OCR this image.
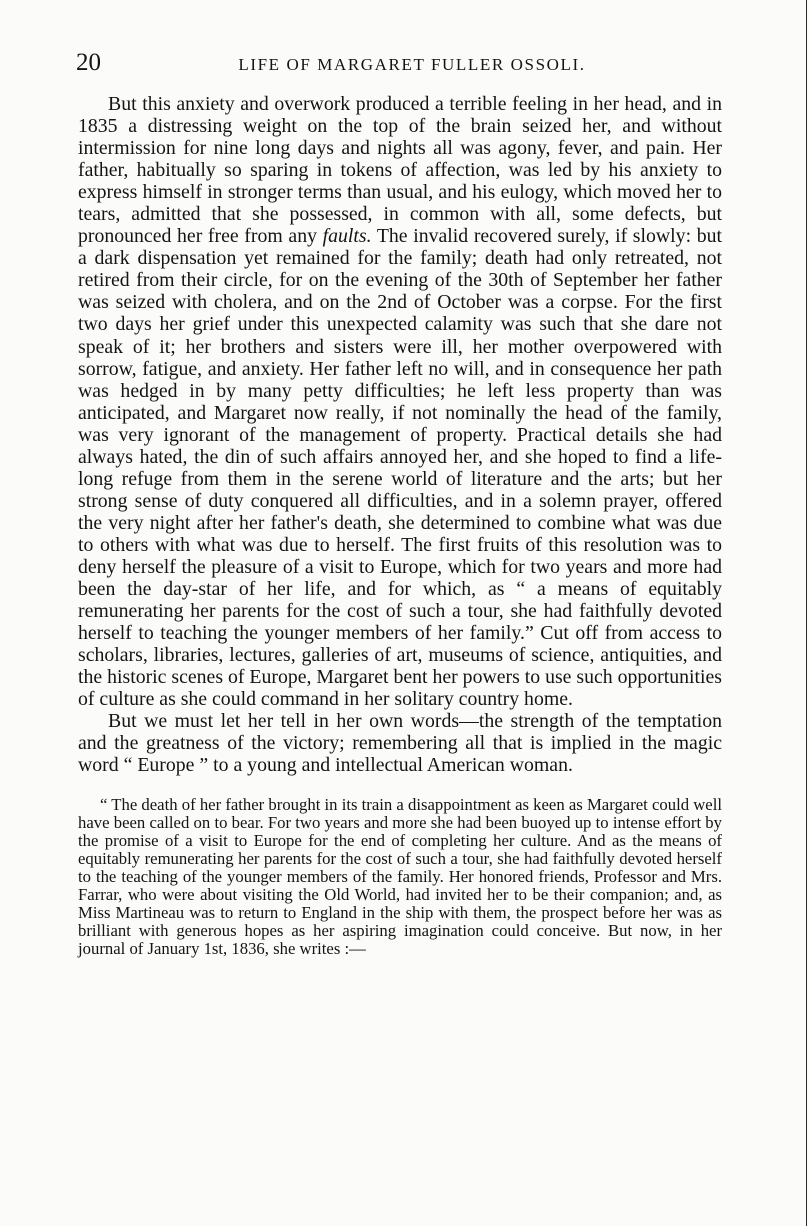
20	LIFE OF MARGARET FULLER OSSOLI.

But this anxiety and overwork produced a terrible feeling in her head, and in 1835 a distressing weight on the top of the brain seized her, and without intermission for nine long days and nights all was agony, fever, and pain. Her father, habitually so sparing in tokens of affection, was led by his anxiety to express himself in stronger terms than usual, and his eulogy, which moved her to tears, admitted that she possessed, in common with all, some defects, but pronounced her free from any faults. The invalid recovered surely, if slowly: but a dark dispensation yet remained for the family; death had only retreated, not retired from their circle, for on the evening of the 30th of September her father was seized with cholera, and on the 2nd of October was a corpse. For the first two days her grief under this unexpected calamity was such that she dare not speak of it; her brothers and sisters were ill, her mother overpowered with sorrow, fatigue, and anxiety. Her father left no will, and in consequence her path was hedged in by many petty difficulties; he left less property than was anticipated, and Margaret now really, if not nominally the head of the family, was very ignorant of the management of property. Practical details she had always hated, the din of such affairs annoyed her, and she hoped to find a life-long refuge from them in the serene world of literature and the arts; but her strong sense of duty conquered all difficulties, and in a solemn prayer, offered the very night after her father's death, she determined to combine what was due to others with what was due to herself. The first fruits of this resolution was to deny herself the pleasure of a visit to Europe, which for two years and more had been the day-star of her life, and for which, as “ a means of equitably remunerating her parents for the cost of such a tour, she had faithfully devoted herself to teaching the younger members of her family.” Cut off from access to scholars, libraries, lectures, galleries of art, museums of science, antiquities, and the historic scenes of Europe, Margaret bent her powers to use such opportunities of culture as she could command in her solitary country home.

But we must let her tell in her own words—the strength of the temptation and the greatness of the victory; remembering all that is implied in the magic word “ Europe ” to a young and intellectual American woman.

“ The death of her father brought in its train a disappointment as keen as Margaret could well have been called on to bear. For two years and more she had been buoyed up to intense effort by the promise of a visit to Europe for the end of completing her culture. And as the means of equitably remunerating her parents for the cost of such a tour, she had faithfully devoted herself to the teaching of the younger members of the family. Her honored friends, Professor and Mrs. Farrar, who were about visiting the Old World, had invited her to be their companion; and, as Miss Martineau was to return to England in the ship with them, the prospect before her was as brilliant with generous hopes as her aspiring imagination could conceive. But now, in her journal of January 1st, 1836, she writes :—
